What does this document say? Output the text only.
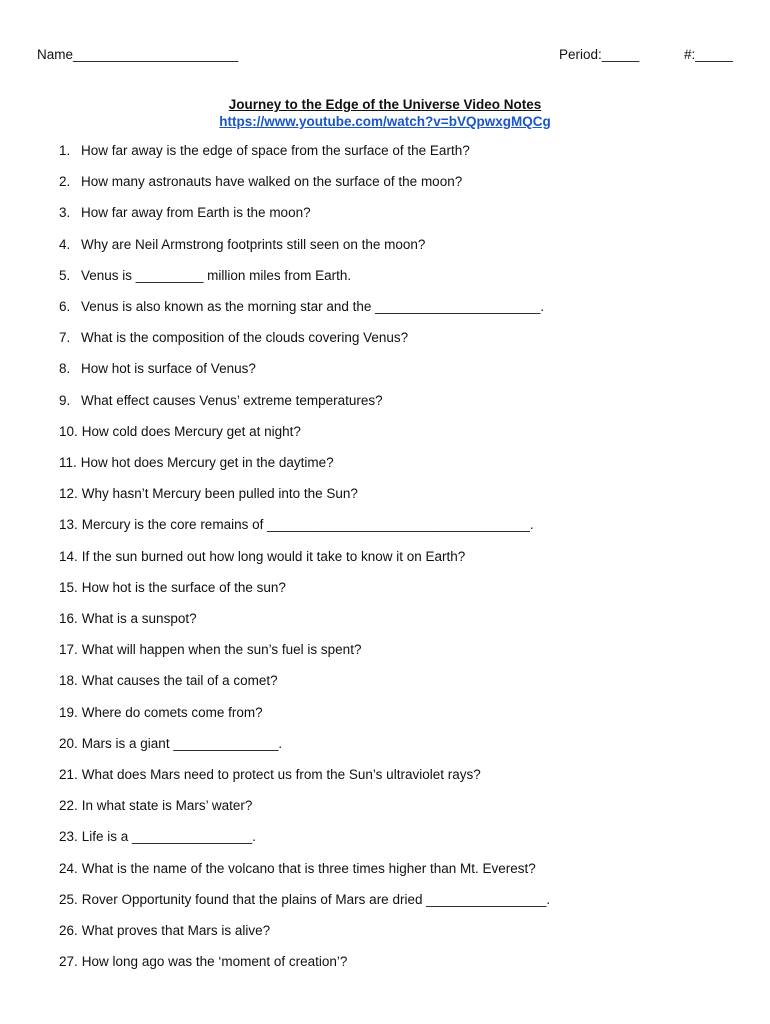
Name______________________	Period:_____	#:_____
Journey to the Edge of the Universe Video Notes
https://www.youtube.com/watch?v=bVQpwxgMQCg
1. How far away is the edge of space from the surface of the Earth?
2. How many astronauts have walked on the surface of the moon?
3. How far away from Earth is the moon?
4. Why are Neil Armstrong footprints still seen on the moon?
5. Venus is _________ million miles from Earth.
6. Venus is also known as the morning star and the ______________________.
7. What is the composition of the clouds covering Venus?
8. How hot is surface of Venus?
9. What effect causes Venus’ extreme temperatures?
10. How cold does Mercury get at night?
11. How hot does Mercury get in the daytime?
12. Why hasn’t Mercury been pulled into the Sun?
13. Mercury is the core remains of ___________________________________.
14. If the sun burned out how long would it take to know it on Earth?
15. How hot is the surface of the sun?
16. What is a sunspot?
17. What will happen when the sun’s fuel is spent?
18. What causes the tail of a comet?
19. Where do comets come from?
20. Mars is a giant ______________.
21. What does Mars need to protect us from the Sun’s ultraviolet rays?
22. In what state is Mars’ water?
23. Life is a ________________.
24. What is the name of the volcano that is three times higher than Mt. Everest?
25. Rover Opportunity found that the plains of Mars are dried ________________.
26. What proves that Mars is alive?
27. How long ago was the ‘moment of creation’?
